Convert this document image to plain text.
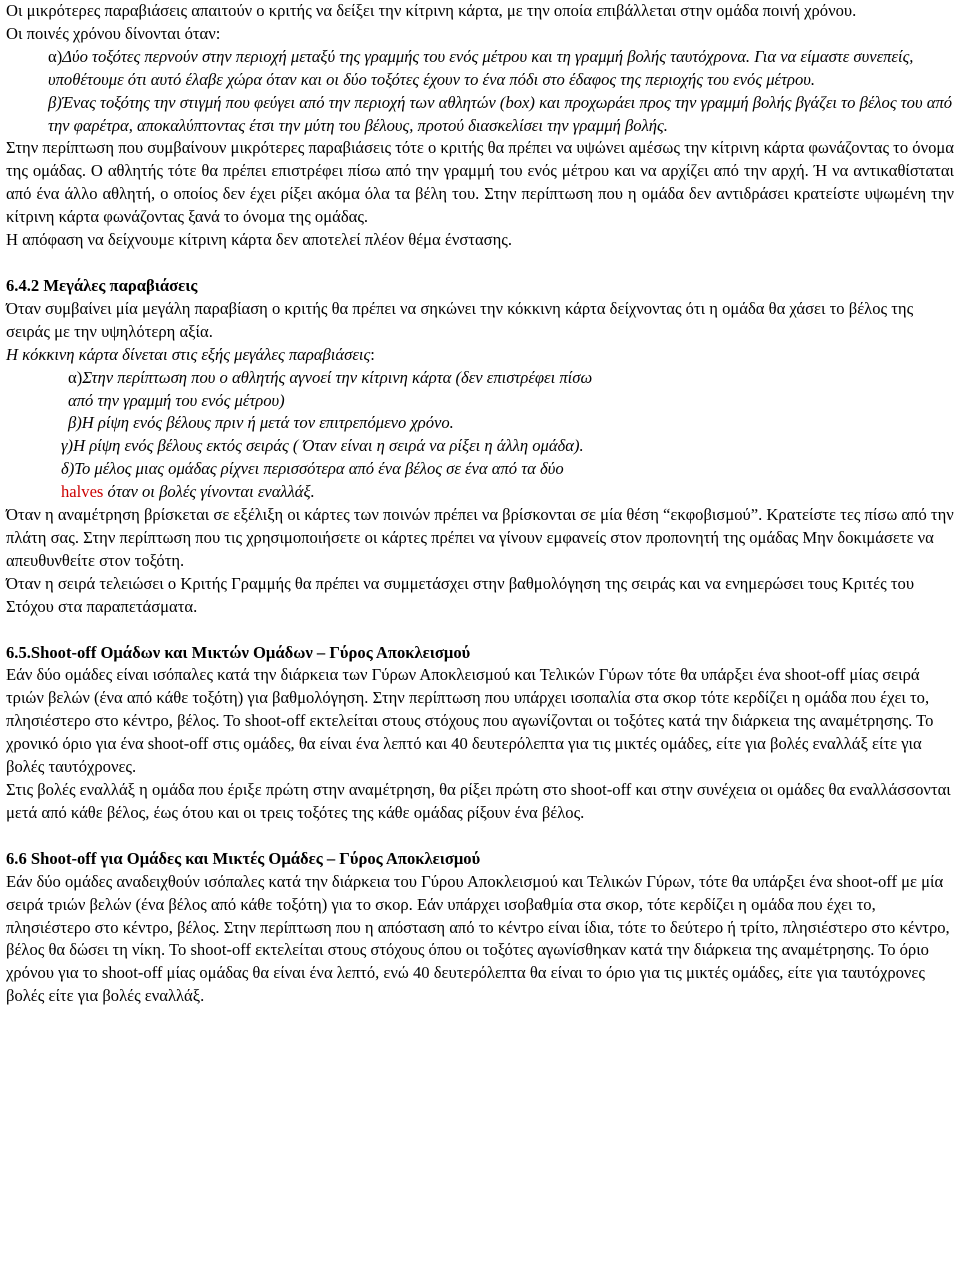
Οι μικρότερες παραβιάσεις απαιτούν ο κριτής να δείξει την κίτρινη κάρτα, με την οποία επιβάλλεται στην ομάδα ποινή χρόνου.

Οι ποινές χρόνου δίνονται όταν:

α)Δύο τοξότες περνούν στην περιοχή μεταξύ της γραμμής του ενός μέτρου και τη γραμμή βολής ταυτόχρονα. Για να είμαστε συνεπείς, υποθέτουμε ότι αυτό έλαβε χώρα όταν και οι δύο τοξότες έχουν το ένα πόδι στο έδαφος της περιοχής του ενός μέτρου.

β)Ένας τοξότης την στιγμή που φεύγει από την περιοχή των αθλητών (box) και προχωράει προς την γραμμή βολής βγάζει το βέλος του από την φαρέτρα, αποκαλύπτοντας έτσι την μύτη του βέλους, προτού διασκελίσει την γραμμή βολής.

Στην περίπτωση που συμβαίνουν μικρότερες παραβιάσεις τότε ο κριτής θα πρέπει να υψώνει αμέσως την κίτρινη κάρτα φωνάζοντας το όνομα της ομάδας. Ο αθλητής τότε θα πρέπει επιστρέφει πίσω από την γραμμή του ενός μέτρου και να αρχίζει από την αρχή. Ή να αντικαθίσταται από ένα άλλο αθλητή, ο οποίος δεν έχει ρίξει ακόμα όλα τα βέλη του. Στην περίπτωση που η ομάδα δεν αντιδράσει κρατείστε υψωμένη την κίτρινη κάρτα φωνάζοντας ξανά το όνομα της ομάδας.

Η απόφαση να δείχνουμε κίτρινη κάρτα δεν αποτελεί πλέον θέμα ένστασης.

6.4.2 Μεγάλες παραβιάσεις

Όταν συμβαίνει μία μεγάλη παραβίαση ο κριτής θα πρέπει να σηκώνει την κόκκινη κάρτα δείχνοντας ότι η ομάδα θα χάσει το βέλος της σειράς με την υψηλότερη αξία.

Η κόκκινη κάρτα δίνεται στις εξής μεγάλες παραβιάσεις:

α)Στην περίπτωση που ο αθλητής αγνοεί την κίτρινη κάρτα (δεν επιστρέφει πίσω

από την γραμμή του ενός μέτρου)

β)Η ρίψη ενός βέλους πριν ή μετά τον επιτρεπόμενο χρόνο.

γ)Η ρίψη ενός βέλους εκτός σειράς ( Όταν είναι η σειρά να ρίξει η άλλη ομάδα).

δ)Το μέλος μιας ομάδας ρίχνει περισσότερα από ένα βέλος σε ένα από τα δύο

halves όταν οι βολές γίνονται εναλλάξ.

Όταν η αναμέτρηση βρίσκεται σε εξέλιξη οι κάρτες των ποινών πρέπει να βρίσκονται σε μία θέση “εκφοβισμού”. Κρατείστε τες πίσω από την πλάτη σας. Στην περίπτωση που τις χρησιμοποιήσετε οι κάρτες πρέπει να γίνουν εμφανείς στον προπονητή της ομάδας Μην δοκιμάσετε να απευθυνθείτε στον τοξότη.

Όταν η σειρά τελειώσει ο Κριτής Γραμμής θα πρέπει να συμμετάσχει στην βαθμολόγηση της σειράς και να ενημερώσει τους Κριτές του Στόχου στα παραπετάσματα.

6.5.Shoot-off Ομάδων και Μικτών Ομάδων – Γύρος Αποκλεισμού

Εάν δύο ομάδες είναι ισόπαλες κατά την διάρκεια των Γύρων Αποκλεισμού και Τελικών Γύρων τότε θα υπάρξει ένα shoot-off μίας σειρά τριών βελών (ένα από κάθε τοξότη) για βαθμολόγηση. Στην περίπτωση που υπάρχει ισοπαλία στα σκορ τότε κερδίζει η ομάδα που έχει το, πλησιέστερο στο κέντρο, βέλος. Το shoot-off εκτελείται στους στόχους που αγωνίζονται οι τοξότες κατά την διάρκεια της αναμέτρησης. Το χρονικό όριο για ένα shoot-off στις ομάδες, θα είναι ένα λεπτό και 40 δευτερόλεπτα για τις μικτές ομάδες, είτε για βολές εναλλάξ είτε για βολές ταυτόχρονες.

Στις βολές εναλλάξ η ομάδα που έριξε πρώτη στην αναμέτρηση, θα ρίξει πρώτη στο shoot-off και στην συνέχεια οι ομάδες θα εναλλάσσονται μετά από κάθε βέλος, έως ότου και οι τρεις τοξότες της κάθε ομάδας ρίξουν ένα βέλος.

6.6 Shoot-off για Ομάδες και Μικτές Ομάδες – Γύρος Αποκλεισμού

Εάν δύο ομάδες αναδειχθούν ισόπαλες κατά την διάρκεια του Γύρου Αποκλεισμού και Τελικών Γύρων, τότε θα υπάρξει ένα shoot-off με μία σειρά τριών βελών (ένα βέλος από κάθε τοξότη) για το σκορ. Εάν υπάρχει ισοβαθμία στα σκορ, τότε κερδίζει η ομάδα που έχει το, πλησιέστερο στο κέντρο, βέλος. Στην περίπτωση που η απόσταση από το κέντρο είναι ίδια, τότε το δεύτερο ή τρίτο, πλησιέστερο στο κέντρο, βέλος θα δώσει τη νίκη. Το shoot-off εκτελείται στους στόχους όπου οι τοξότες αγωνίσθηκαν κατά την διάρκεια της αναμέτρησης. Το όριο χρόνου για το shoot-off μίας ομάδας θα είναι ένα λεπτό, ενώ 40 δευτερόλεπτα θα είναι το όριο για τις μικτές ομάδες, είτε για ταυτόχρονες βολές είτε για βολές εναλλάξ.
